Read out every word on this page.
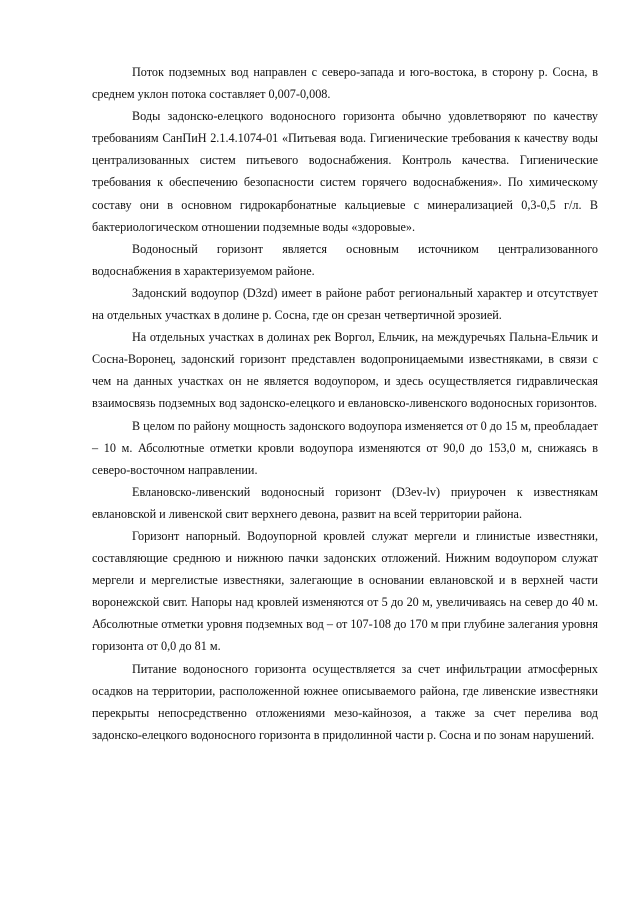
Поток подземных вод направлен с северо-запада и юго-востока, в сторону р. Сосна, в среднем уклон потока составляет 0,007-0,008.

Воды задонско-елецкого водоносного горизонта обычно удовлетворяют по качеству требованиям СанПиН 2.1.4.1074-01 «Питьевая вода. Гигиенические требования к качеству воды централизованных систем питьевого водоснабжения. Контроль качества. Гигиенические требования к обеспечению безопасности систем горячего водоснабжения». По химическому составу они в основном гидрокарбонатные кальциевые с минерализацией 0,3-0,5 г/л. В бактериологическом отношении подземные воды «здоровые».

Водоносный горизонт является основным источником централизованного водоснабжения в характеризуемом районе.

Задонский водоупор (D3zd) имеет в районе работ региональный характер и отсутствует на отдельных участках в долине р. Сосна, где он срезан четвертичной эрозией.

На отдельных участках в долинах рек Воргол, Ельчик, на междуречьях Пальна-Ельчик и Сосна-Воронец, задонский горизонт представлен водопроницаемыми известняками, в связи с чем на данных участках он не является водоупором, и здесь осуществляется гидравлическая взаимосвязь подземных вод задонско-елецкого и евлановско-ливенского водоносных горизонтов.

В целом по району мощность задонского водоупора изменяется от 0 до 15 м, преобладает – 10 м. Абсолютные отметки кровли водоупора изменяются от 90,0 до 153,0 м, снижаясь в северо-восточном направлении.

Евлановско-ливенский водоносный горизонт (D3ev-lv) приурочен к известнякам евлановской и ливенской свит верхнего девона, развит на всей территории района.

Горизонт напорный. Водоупорной кровлей служат мергели и глинистые известняки, составляющие среднюю и нижнюю пачки задонских отложений. Нижним водоупором служат мергели и мергелистые известняки, залегающие в основании евлановской и в верхней части воронежской свит. Напоры над кровлей изменяются от 5 до 20 м, увеличиваясь на север до 40 м. Абсолютные отметки уровня подземных вод – от 107-108 до 170 м при глубине залегания уровня горизонта от 0,0 до 81 м.

Питание водоносного горизонта осуществляется за счет инфильтрации атмосферных осадков на территории, расположенной южнее описываемого района, где ливенские известняки перекрыты непосредственно отложениями мезо-кайнозоя, а также за счет перелива вод задонско-елецкого водоносного горизонта в придолинной части р. Сосна и по зонам нарушений.
